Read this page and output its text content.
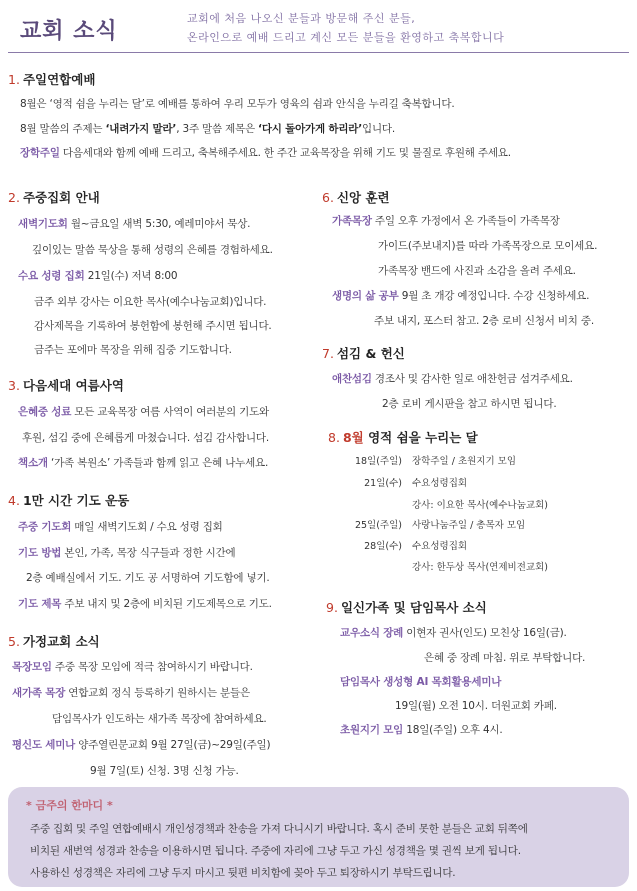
교회 소식
교회에 처음 나오신 분들과 방문해 주신 분들,
온라인으로 예배 드리고 계신 모든 분들을 환영하고 축복합니다
1. 주일연합예배
8월은 ‘영적 쉼을 누리는 달’로 예배를 통하여 우리 모두가 영육의 쉼과 안식을 누리길 축복합니다.
8월 말씀의 주제는 ‘내려가지 말라’, 3주 말씀 제목은 ‘다시 돌아가게 하리라’입니다.
장학주일 다음세대와 함께 예배 드리고, 축복해주세요. 한 주간 교육목장을 위해 기도 및 물질로 후원해 주세요.
2. 주중집회 안내
새벽기도회 월~금요일 새벽 5:30, 예레미야서 묵상.
깊이있는 말씀 묵상을 통해 성령의 은혜를 경험하세요.
수요 성령 집회 21일(수) 저녁 8:00
금주 외부 강사는 이요한 목사(예수나눔교회)입니다.
감사제목을 기록하여 봉헌함에 봉헌해 주시면 됩니다.
금주는 포에마 목장을 위해 집중 기도합니다.
3. 다음세대 여름사역
은혜중 성료 모든 교육목장 여름 사역이 여러분의 기도와
후원, 섬김 중에 은혜롭게 마쳤습니다. 섬김 감사합니다.
책소개 ‘가족 복원소’ 가족들과 함께 읽고 은혜 나누세요.
4. 1만 시간 기도 운동
주중 기도회 매일 새벽기도회 / 수요 성령 집회
기도 방법 본인, 가족, 목장 식구들과 정한 시간에
2층 예배실에서 기도. 기도 공 서명하여 기도함에 넣기.
기도 제목 주보 내지 및 2층에 비치된 기도제목으로 기도.
5. 가정교회 소식
목장모임 주중 목장 모임에 적극 참여하시기 바랍니다.
새가족 목장 연합교회 정식 등록하기 원하시는 분들은
담임목사가 인도하는 새가족 목장에 참여하세요.
평신도 세미나 양주열린문교회 9월 27일(금)~29일(주일)
9월 7일(토) 신청. 3명 신청 가능.
6. 신앙 훈련
가족목장 주일 오후 가정에서 온 가족들이 가족목장
가이드(주보내지)를 따라 가족목장으로 모이세요.
가족목장 밴드에 사진과 소감을 올려 주세요.
생명의 삶 공부 9월 초 개강 예정입니다. 수강 신청하세요.
주보 내지, 포스터 참고. 2층 로비 신청서 비치 중.
7. 섬김 & 헌신
애찬섬김 경조사 및 감사한 일로 애찬헌금 섬겨주세요.
2층 로비 게시판을 참고 하시면 됩니다.
8. 8월 영적 쉼을 누리는 달
18일(주일) 장학주일 / 초원지기 모임
21일(수) 수요성령집회
강사: 이요한 목사(예수나눔교회)
25일(주일) 사랑나눔주일 / 총목자 모임
28일(수) 수요성령집회
강사: 한두상 목사(연제비전교회)
9. 일신가족 및 담임목사 소식
교우소식 장례 이현자 권사(인도) 모친상 16일(금).
은혜 중 장례 마침. 위로 부탁합니다.
담임목사 생성형 AI 목회활용세미나
19일(월) 오전 10시. 더원교회 카페.
초원지기 모임 18일(주일) 오후 4시.
* 금주의 한마디 *
주중 집회 및 주일 연합예배시 개인성경책과 찬송을 가져 다니시기 바랍니다. 혹시 준비 못한 분들은 교회 뒤쪽에
비치된 새번역 성경과 찬송을 이용하시면 됩니다. 주중에 자리에 그냥 두고 가신 성경책을 몇 권씩 보게 됩니다.
사용하신 성경책은 자리에 그냥 두지 마시고 뒷편 비치함에 꽂아 두고 퇴장하시기 부탁드립니다.
